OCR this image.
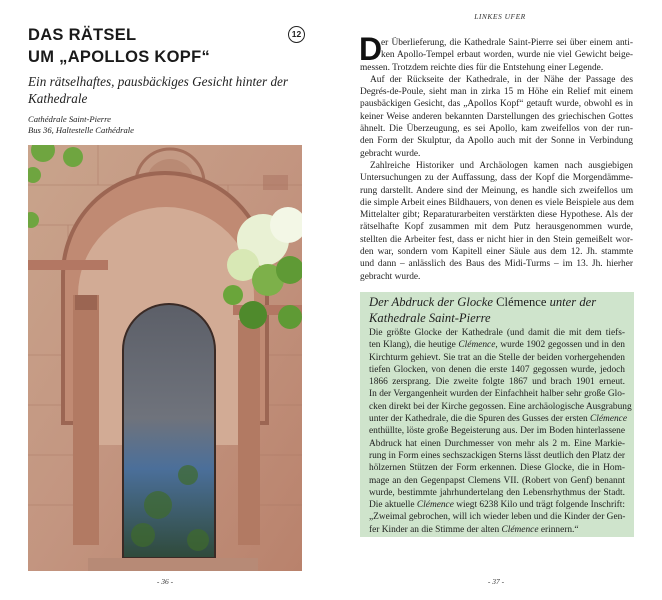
DAS RÄTSEL
UM „APOLLOS KOPF“
12
Ein rätselhaftes, pausbäckiges Gesicht hinter der
Kathedrale
Cathédrale Saint-Pierre
Bus 36, Haltestelle Cathédrale
- 36 -
LINKES UFER
D
er Überlieferung, die Kathedrale Saint-Pierre sei über einem anti-
ken Apollo-Tempel erbaut worden, wurde nie viel Gewicht beige-
messen. Trotzdem reichte dies für die Entstehung einer Legende.
Auf der Rückseite der Kathedrale, in der Nähe der Passage des
Degrés-de-Poule, sieht man in zirka 15 m Höhe ein Relief mit einem
pausbäckigen Gesicht, das „Apollos Kopf“ getauft wurde, obwohl es in
keiner Weise anderen bekannten Darstellungen des griechischen Gottes
ähnelt. Die Überzeugung, es sei Apollo, kam zweifellos von der run-
den Form der Skulptur, da Apollo auch mit der Sonne in Verbindung
gebracht wurde.
Zahlreiche Historiker und Archäologen kamen nach ausgiebigen
Untersuchungen zu der Auffassung, dass der Kopf die Morgendämme-
rung darstellt. Andere sind der Meinung, es handle sich zweifellos um
die simple Arbeit eines Bildhauers, von denen es viele Beispiele aus dem
Mittelalter gibt; Reparaturarbeiten verstärkten diese Hypothese. Als der
rätselhafte Kopf zusammen mit dem Putz herausgenommen wurde,
stellten die Arbeiter fest, dass er nicht hier in den Stein gemeißelt wor-
den war, sondern vom Kapitell einer Säule aus dem 12. Jh. stammte
und dann – anlässlich des Baus des Midi-Turms – im 13. Jh. hierher
gebracht wurde.
Der Abdruck der Glocke Clémence unter der
Kathedrale Saint-Pierre
Die größte Glocke der Kathedrale (und damit die mit dem tiefs-
ten Klang), die heutige Clémence, wurde 1902 gegossen und in den
Kirchturm gehievt. Sie trat an die Stelle der beiden vorhergehenden
tiefen Glocken, von denen die erste 1407 gegossen wurde, jedoch
1866 zersprang. Die zweite folgte 1867 und brach 1901 erneut.
In der Vergangenheit wurden der Einfachheit halber sehr große Glo-
cken direkt bei der Kirche gegossen. Eine archäologische Ausgrabung
unter der Kathedrale, die die Spuren des Gusses der ersten Clémence
enthüllte, löste große Begeisterung aus. Der im Boden hinterlassene
Abdruck hat einen Durchmesser von mehr als 2 m. Eine Markie-
rung in Form eines sechszackigen Sterns lässt deutlich den Platz der
hölzernen Stützen der Form erkennen. Diese Glocke, die in Hom-
mage an den Gegenpapst Clemens VII. (Robert von Genf) benannt
wurde, bestimmte jahrhundertelang den Lebensrhythmus der Stadt.
Die aktuelle Clémence wiegt 6238 Kilo und trägt folgende Inschrift:
„Zweimal gebrochen, will ich wieder leben und die Kinder der Gen-
fer Kinder an die Stimme der alten Clémence erinnern.“
- 37 -
